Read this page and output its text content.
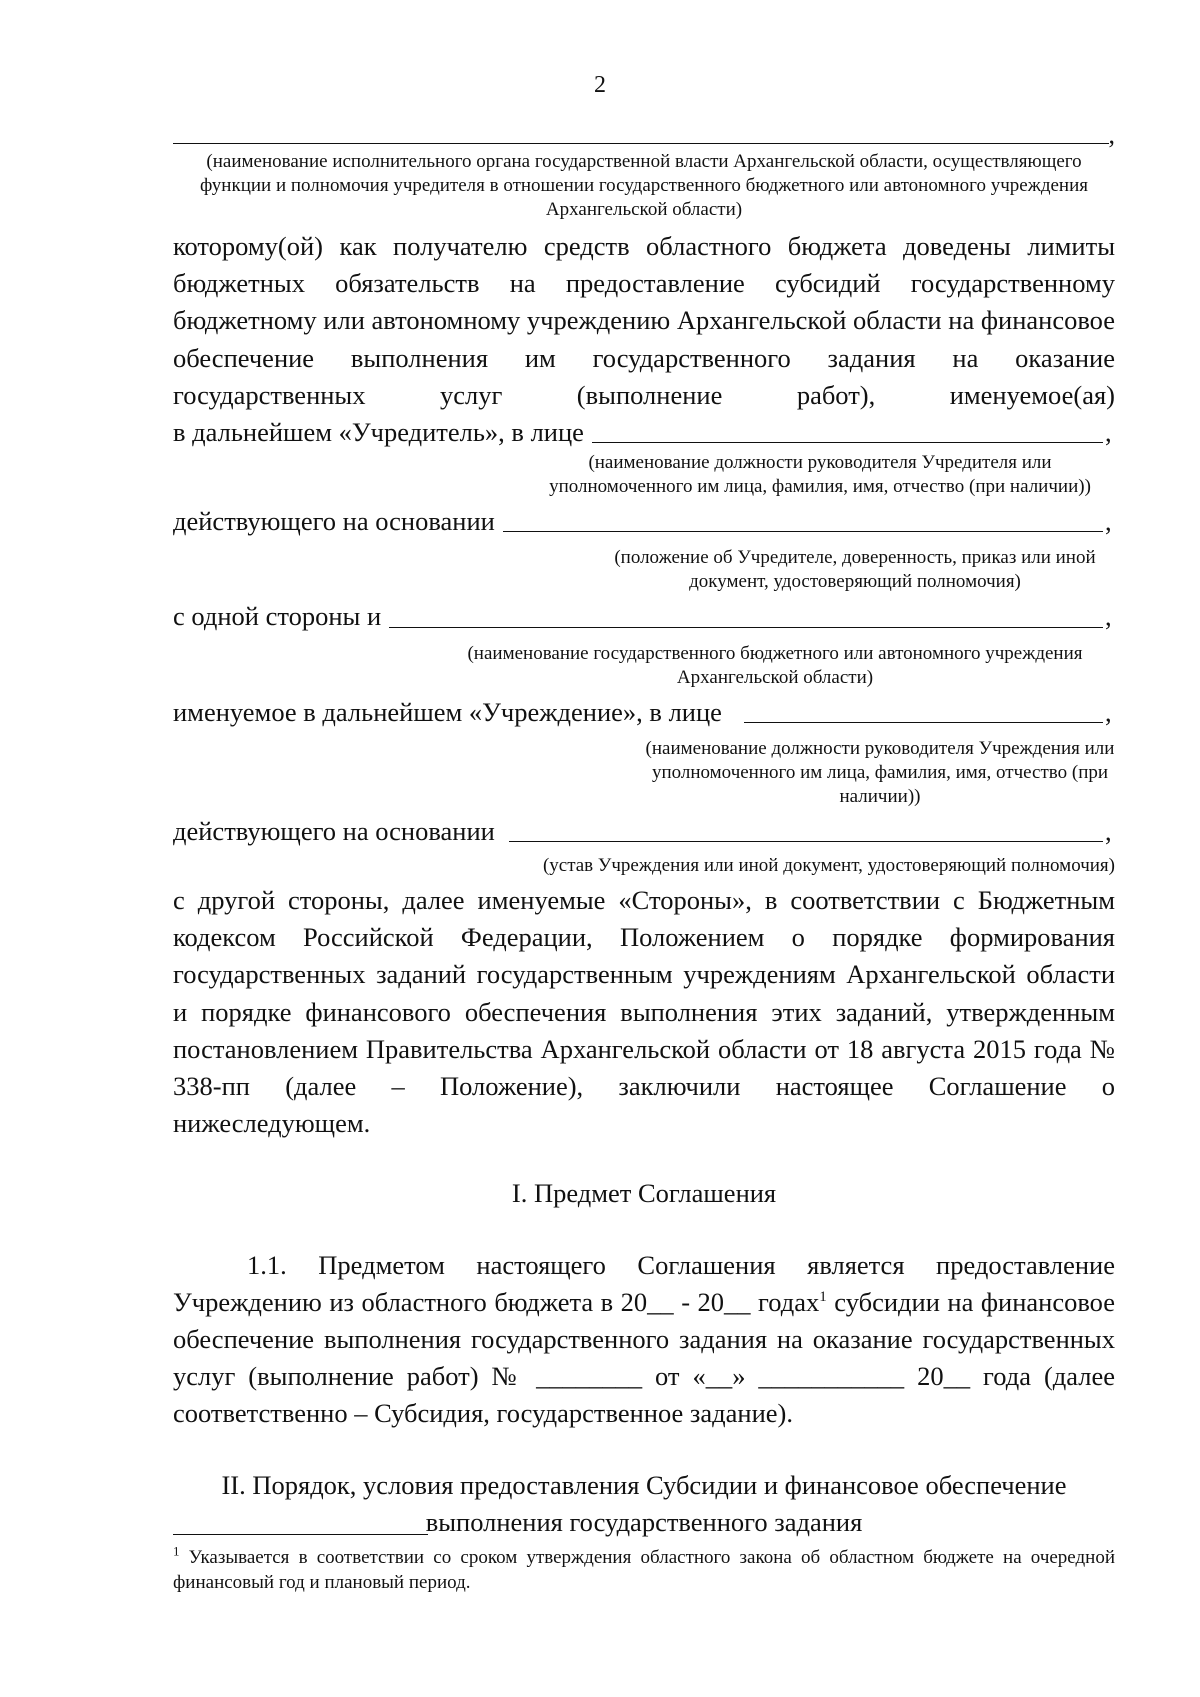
2
,
(наименование исполнительного органа государственной власти Архангельской области, осуществляющего функции и полномочия учредителя в отношении государственного бюджетного или автономного учреждения Архангельской области)
которому(ой) как получателю средств областного бюджета доведены лимиты бюджетных обязательств на предоставление субсидий государственному бюджетному или автономному учреждению Архангельской области на финансовое обеспечение выполнения им государственного задания на оказание государственных услуг (выполнение работ), именуемое(ая)
в дальнейшем «Учредитель», в лице	,
(наименование должности руководителя Учредителя или уполномоченного им лица, фамилия, имя, отчество (при наличии))
действующего на основании	,
(положение об Учредителе, доверенность, приказ или иной документ, удостоверяющий полномочия)
с одной стороны и	,
(наименование государственного бюджетного или автономного учреждения Архангельской области)
именуемое в дальнейшем «Учреждение», в лице	,
(наименование должности руководителя Учреждения или уполномоченного им лица, фамилия, имя, отчество (при наличии))
действующего на основании	,
(устав Учреждения или иной документ, удостоверяющий полномочия)
с другой стороны, далее именуемые «Стороны», в соответствии с Бюджетным кодексом Российской Федерации, Положением о порядке формирования государственных заданий государственным учреждениям Архангельской области и порядке финансового обеспечения выполнения этих заданий, утвержденным постановлением Правительства Архангельской области от 18 августа 2015 года № 338-пп (далее – Положение), заключили настоящее Соглашение о нижеследующем.
I. Предмет Соглашения
1.1. Предметом настоящего Соглашения является предоставление Учреждению из областного бюджета в 20__ - 20__ годах$^1$ субсидии на финансовое обеспечение выполнения государственного задания на оказание государственных услуг (выполнение работ) № ________ от «__» ___________ 20__ года (далее соответственно – Субсидия, государственное задание).
II. Порядок, условия предоставления Субсидии и финансовое обеспечение выполнения государственного задания
$^1$ Указывается в соответствии со сроком утверждения областного закона об областном бюджете на очередной финансовый год и плановый период.
